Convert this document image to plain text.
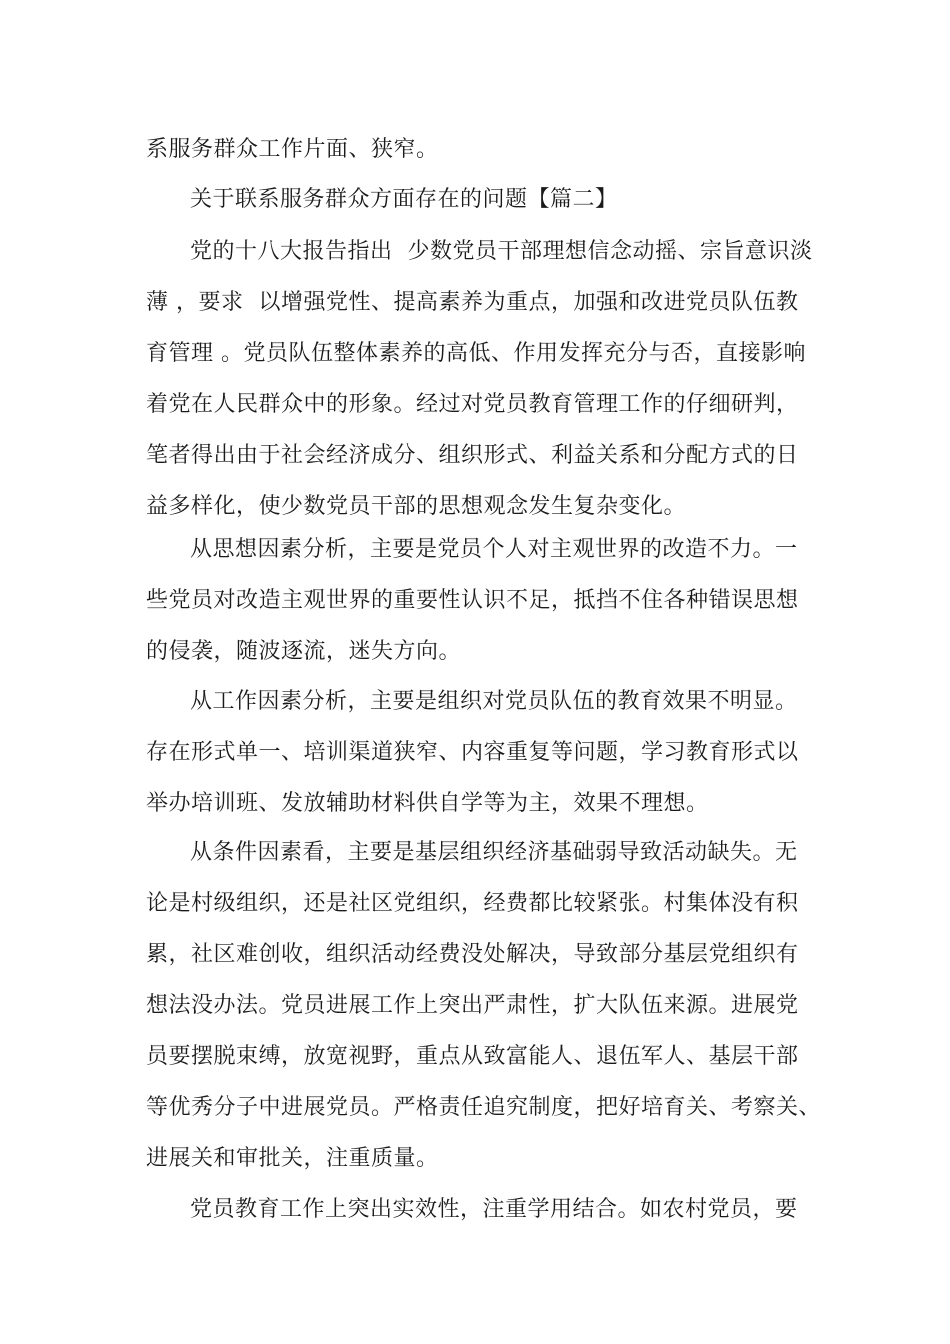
系服务群众工作片面、狭窄。
关于联系服务群众方面存在的问题【篇二】
党的十八大报告指出  少数党员干部理想信念动摇、宗旨意识淡
薄 ，要求  以增强党性、提高素养为重点，加强和改进党员队伍教
育管理 。党员队伍整体素养的高低、作用发挥充分与否，直接影响
着党在人民群众中的形象。经过对党员教育管理工作的仔细研判，
笔者得出由于社会经济成分、组织形式、利益关系和分配方式的日
益多样化，使少数党员干部的思想观念发生复杂变化。
从思想因素分析，主要是党员个人对主观世界的改造不力。一
些党员对改造主观世界的重要性认识不足，抵挡不住各种错误思想
的侵袭，随波逐流，迷失方向。
从工作因素分析，主要是组织对党员队伍的教育效果不明显。
存在形式单一、培训渠道狭窄、内容重复等问题，学习教育形式以
举办培训班、发放辅助材料供自学等为主，效果不理想。
从条件因素看，主要是基层组织经济基础弱导致活动缺失。无
论是村级组织，还是社区党组织，经费都比较紧张。村集体没有积
累，社区难创收，组织活动经费没处解决，导致部分基层党组织有
想法没办法。党员进展工作上突出严肃性，扩大队伍来源。进展党
员要摆脱束缚，放宽视野，重点从致富能人、退伍军人、基层干部
等优秀分子中进展党员。严格责任追究制度，把好培育关、考察关、
进展关和审批关，注重质量。
党员教育工作上突出实效性，注重学用结合。如农村党员，要
